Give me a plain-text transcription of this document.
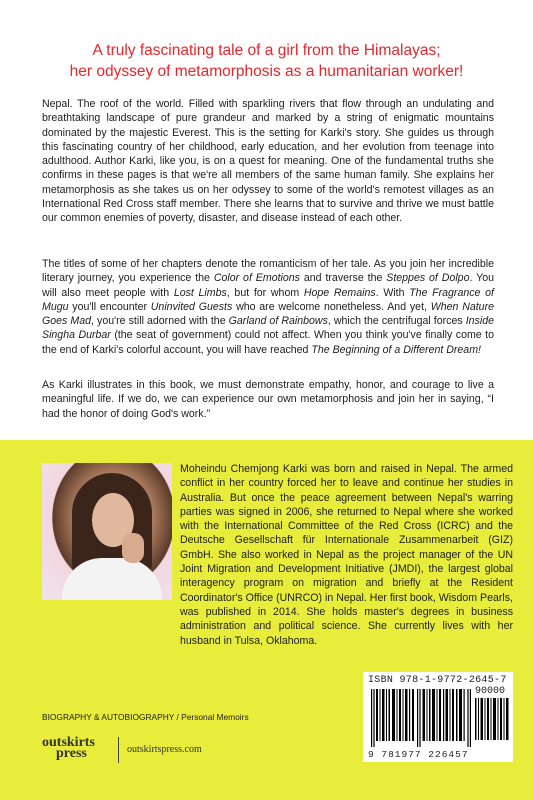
A truly fascinating tale of a girl from the Himalayas;
her odyssey of metamorphosis as a humanitarian worker!
Nepal. The roof of the world. Filled with sparkling rivers that flow through an undulating and breathtaking landscape of pure grandeur and marked by a string of enigmatic mountains dominated by the majestic Everest. This is the setting for Karki's story. She guides us through this fascinating country of her childhood, early education, and her evolution from teenage into adulthood. Author Karki, like you, is on a quest for meaning. One of the fundamental truths she confirms in these pages is that we're all members of the same human family. She explains her metamorphosis as she takes us on her odyssey to some of the world's remotest villages as an International Red Cross staff member. There she learns that to survive and thrive we must battle our common enemies of poverty, disaster, and disease instead of each other.
The titles of some of her chapters denote the romanticism of her tale. As you join her incredible literary journey, you experience the Color of Emotions and traverse the Steppes of Dolpo. You will also meet people with Lost Limbs, but for whom Hope Remains. With The Fragrance of Mugu you'll encounter Uninvited Guests who are welcome nonetheless. And yet, When Nature Goes Mad, you're still adorned with the Garland of Rainbows, which the centrifugal forces Inside Singha Durbar (the seat of government) could not affect. When you think you've finally come to the end of Karki's colorful account, you will have reached The Beginning of a Different Dream!
As Karki illustrates in this book, we must demonstrate empathy, honor, and courage to live a meaningful life. If we do, we can experience our own metamorphosis and join her in saying, “I had the honor of doing God's work.”
Moheindu Chemjong Karki was born and raised in Nepal. The armed conflict in her country forced her to leave and continue her studies in Australia. But once the peace agreement between Nepal's warring parties was signed in 2006, she returned to Nepal where she worked with the International Committee of the Red Cross (ICRC) and the Deutsche Gesellschaft für Internationale Zusammenarbeit (GIZ) GmbH. She also worked in Nepal as the project manager of the UN Joint Migration and Development Initiative (JMDI), the largest global interagency program on migration and briefly at the Resident Coordinator's Office (UNRCO) in Nepal. Her first book, Wisdom Pearls, was published in 2014. She holds master's degrees in business administration and political science. She currently lives with her husband in Tulsa, Oklahoma.
ISBN 978-1-9772-2645-7
90000
9 781977 226457
BIOGRAPHY & AUTOBIOGRAPHY / Personal Memoirs
outskirts
press	outskirtspress.com
